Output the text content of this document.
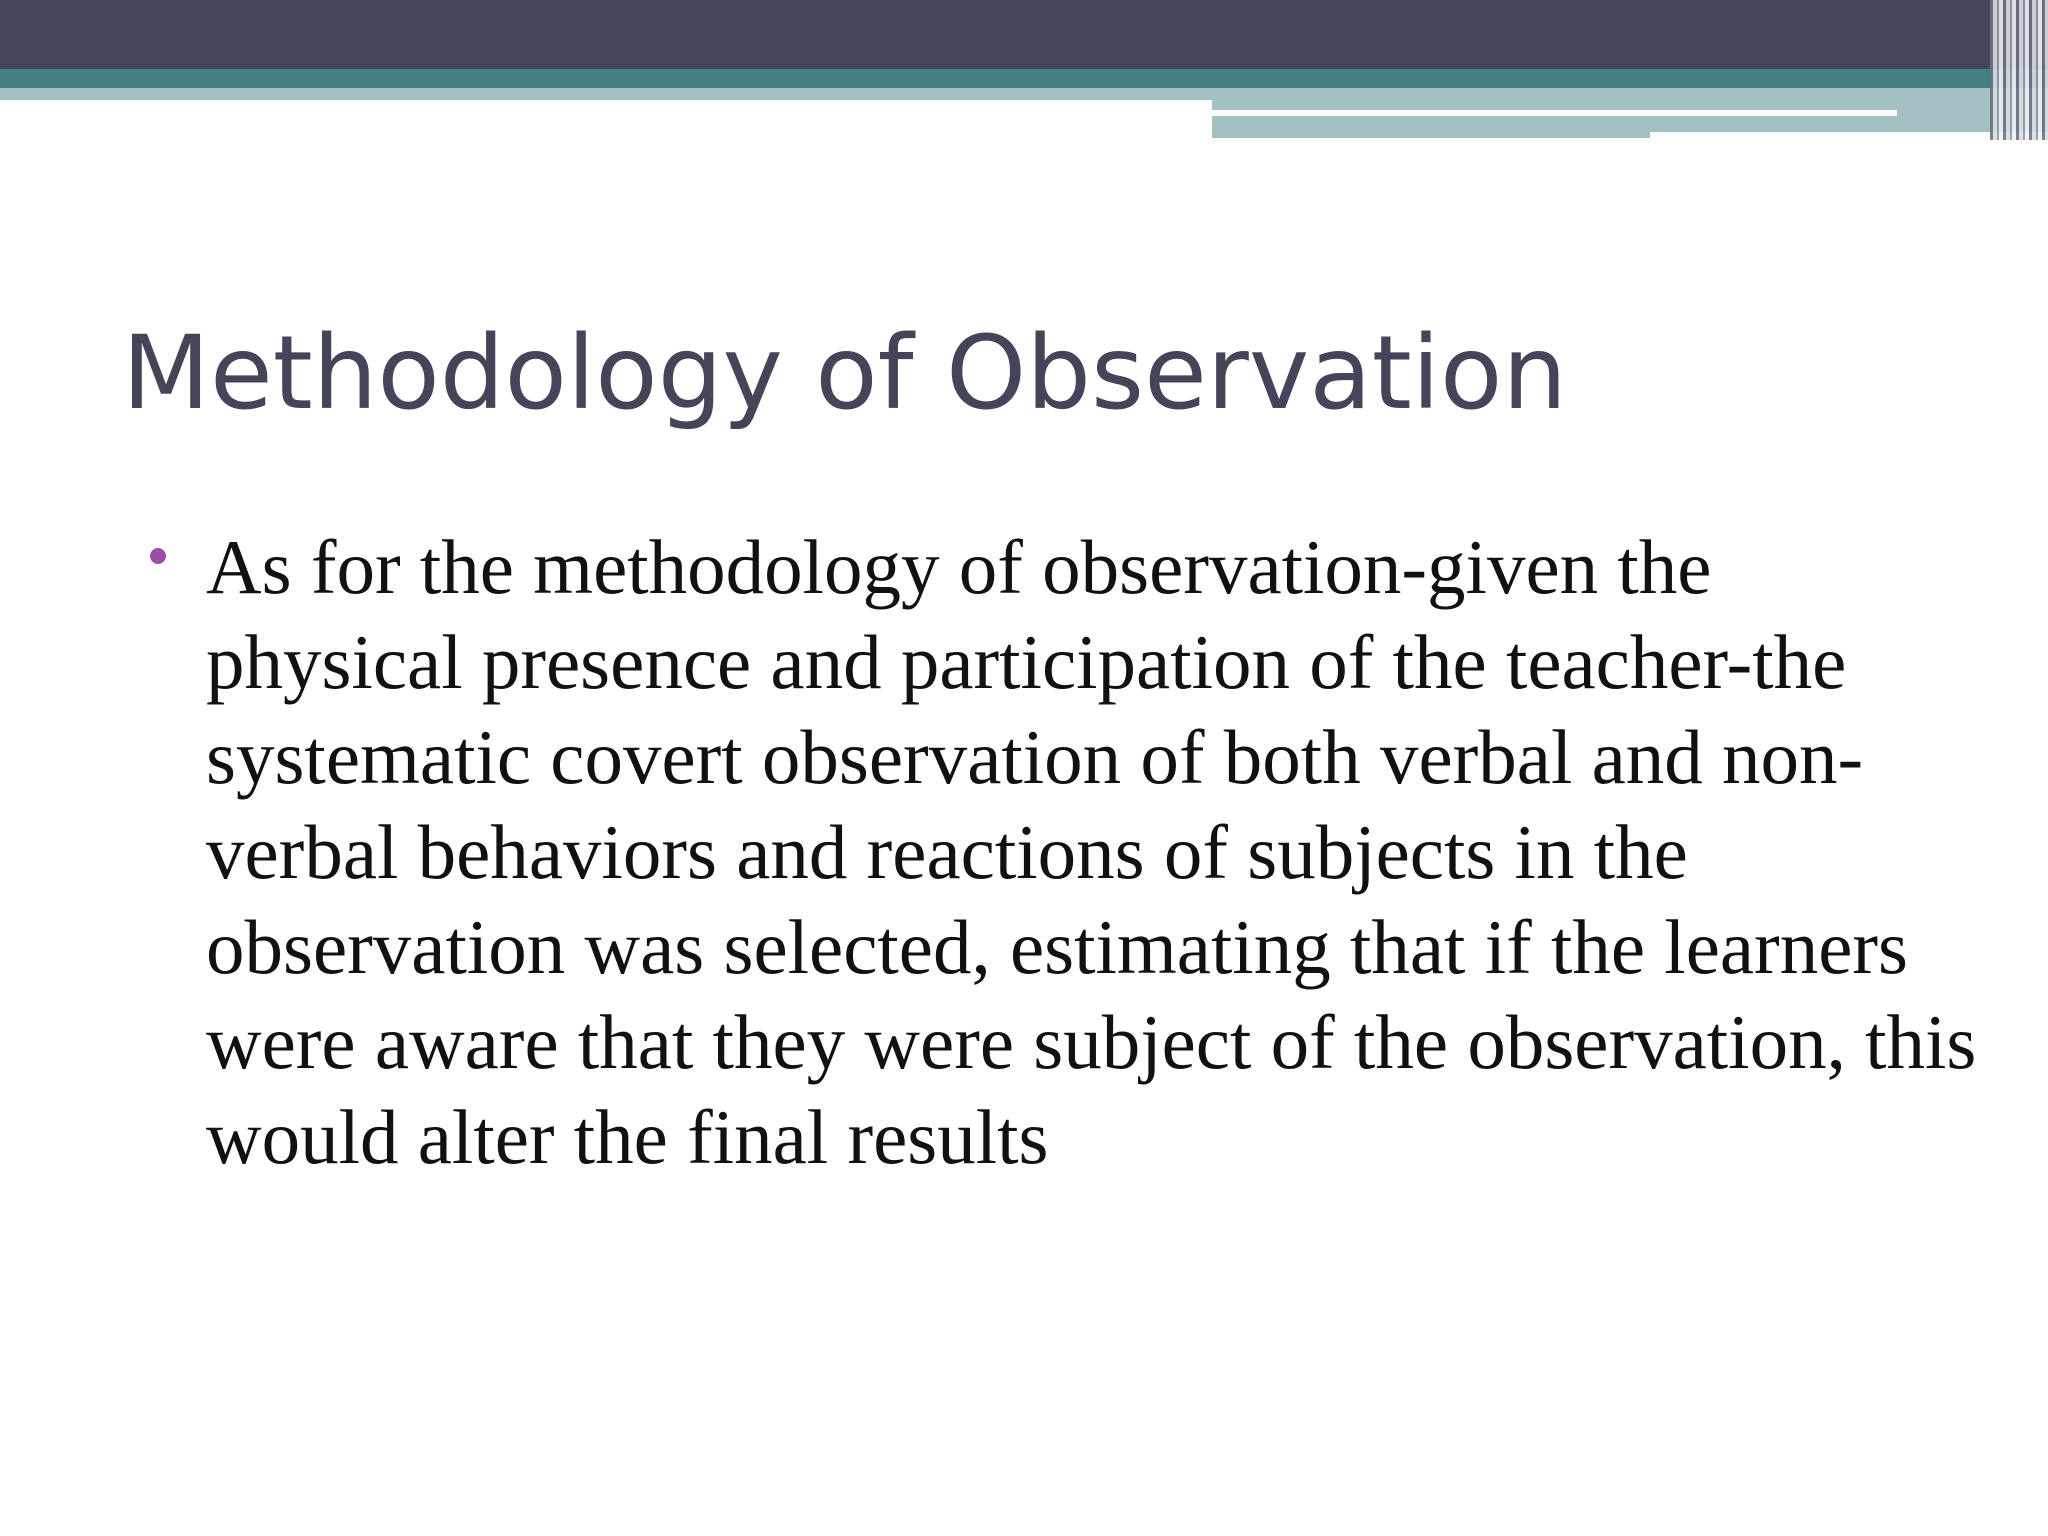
Methodology of Observation

As for the methodology of observation-given the physical presence and participation of the teacher-the systematic covert observation of both verbal and non-verbal behaviors and reactions of subjects in the observation was selected, estimating that if the learners were aware that they were subject of the observation, this would alter the final results
